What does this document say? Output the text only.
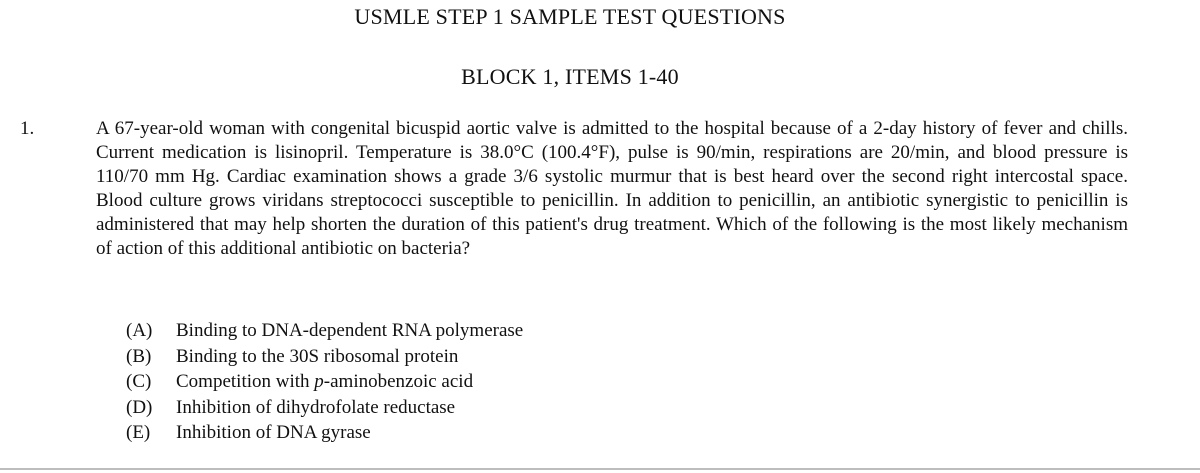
USMLE STEP 1 SAMPLE TEST QUESTIONS
BLOCK 1, ITEMS 1-40
1.	A 67-year-old woman with congenital bicuspid aortic valve is admitted to the hospital because of a 2-day history of fever and chills. Current medication is lisinopril. Temperature is 38.0°C (100.4°F), pulse is 90/min, respirations are 20/min, and blood pressure is 110/70 mm Hg. Cardiac examination shows a grade 3/6 systolic murmur that is best heard over the second right intercostal space. Blood culture grows viridans streptococci susceptible to penicillin. In addition to penicillin, an antibiotic synergistic to penicillin is administered that may help shorten the duration of this patient's drug treatment. Which of the following is the most likely mechanism of action of this additional antibiotic on bacteria?
(A)	Binding to DNA-dependent RNA polymerase
(B)	Binding to the 30S ribosomal protein
(C)	Competition with p-aminobenzoic acid
(D)	Inhibition of dihydrofolate reductase
(E)	Inhibition of DNA gyrase
